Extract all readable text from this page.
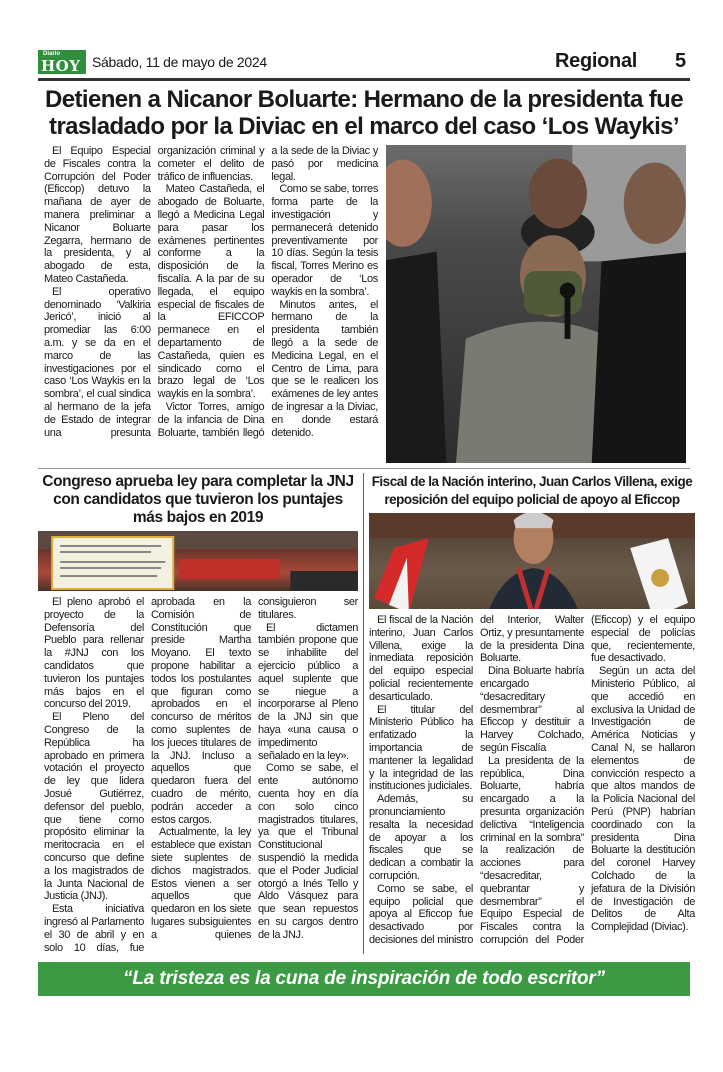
Diario
HOY Sábado, 11 de mayo de 2024	Regional 5
Detienen a Nicanor Boluarte: Hermano de la presidenta fue trasladado por la Diviac en el marco del caso ‘Los Waykis’

El Equipo Especial de Fiscales contra la Corrupción del Poder (Eficcop) detuvo la mañana de ayer de manera preliminar a Nicanor Boluarte Zegarra, hermano de la presidenta, y al abogado de esta, Mateo Castañeda.

El operativo denominado ‘Valkiria Jericó’, inició al promediar las 6:00 a.m. y se da en el marco de las investigaciones por el caso ‘Los Waykis en la sombra’, el cual sindica al hermano de la jefa de Estado de integrar una presunta organización criminal y cometer el delito de tráfico de influencias.

Mateo Castañeda, el abogado de Boluarte, llegó a Medicina Legal para pasar los exámenes pertinentes conforme a la disposición de la fiscalía. A la par de su llegada, el equipo especial de fiscales de la EFICCOP permanece en el departamento de Castañeda, quien es sindicado como el brazo legal de ‘Los waykis en la sombra’.

Victor Torres, amigo de la infancia de Dina Boluarte, también llegó a la sede de la Diviac y pasó por medicina legal.

Como se sabe, torres forma parte de la investigación y permanecerá detenido preventivamente por 10 días. Según la tesis fiscal, Torres Merino es operador de ‘Los waykis en la sombra’.

Minutos antes, el hermano de la presidenta también llegó a la sede de Medicina Legal, en el Centro de Lima, para que se le realicen los exámenes de ley antes de ingresar a la Diviac, en donde estará detenido.

Congreso aprueba ley para completar la JNJ con candidatos que tuvieron los puntajes más bajos en 2019

El pleno aprobó el proyecto de la Defensoría del Pueblo para rellenar la #JNJ con los candidatos que tuvieron los puntajes más bajos en el concurso del 2019.

El Pleno del Congreso de la República ha aprobado en primera votación el proyecto de ley que lidera Josué Gutiérrez, defensor del pueblo, que tiene como propósito eliminar la meritocracia en el concurso que define a los magistrados de la Junta Nacional de Justicia (JNJ).

Esta iniciativa ingresó al Parlamento el 30 de abril y en solo 10 días, fue aprobada en la Comisión de Constitución que preside Martha Moyano. El texto propone habilitar a todos los postulantes que figuran como aprobados en el concurso de méritos como suplentes de los jueces titulares de la JNJ. Incluso a aquellos que quedaron fuera del cuadro de mérito, podrán acceder a estos cargos.

Actualmente, la ley establece que existan siete suplentes de dichos magistrados. Estos vienen a ser aquellos que quedaron en los siete lugares subsiguientes a quienes consiguieron ser titulares.

El dictamen también propone que se inhabilite del ejercicio público a aquel suplente que se niegue a incorporarse al Pleno de la JNJ sin que haya «una causa o impedimento señalado en la ley».

Como se sabe, el ente autónomo cuenta hoy en día con solo cinco magistrados titulares, ya que el Tribunal Constitucional suspendió la medida que el Poder Judicial otorgó a Inés Tello y Aldo Vásquez para que sean repuestos en su cargos dentro de la JNJ.

Fiscal de la Nación interino, Juan Carlos Villena, exige reposición del equipo policial de apoyo al Eficcop

El fiscal de la Nación interino, Juan Carlos Villena, exige la inmediata reposición del equipo especial policial recientemente desarticulado.

El titular del Ministerio Público ha enfatizado la importancia de mantener la legalidad y la integridad de las instituciones judiciales.

Además, su pronunciamiento resalta la necesidad de apoyar a los fiscales que se dedican a combatir la corrupción.

Como se sabe, el equipo policial que apoya al Eficcop fue desactivado por decisiones del ministro del Interior, Walter Ortiz, y presuntamente de la presidenta Dina Boluarte.

Dina Boluarte habría encargado “desacreditary desmembrar” al Eficcop y destituir a Harvey Colchado, según Fiscalía

La presidenta de la república, Dina Boluarte, habría encargado a la presunta organización delictiva “Inteligencia criminal en la sombra” la realización de acciones para “desacreditar, quebrantar y desmembrar” el Equipo Especial de Fiscales contra la corrupción del Poder (Eficcop) y el equipo especial de policías que, recientemente, fue desactivado.

Según un acta del Ministerio Público, al que accedió en exclusiva la Unidad de Investigación de América Noticias y Canal N, se hallaron elementos de convicción respecto a que altos mandos de la Policía Nacional del Perú (PNP) habrían coordinado con la presidenta Dina Boluarte la destitución del coronel Harvey Colchado de la jefatura de la División de Investigación de Delitos de Alta Complejidad (Diviac).

“La tristeza es la cuna de inspiración de todo escritor”
